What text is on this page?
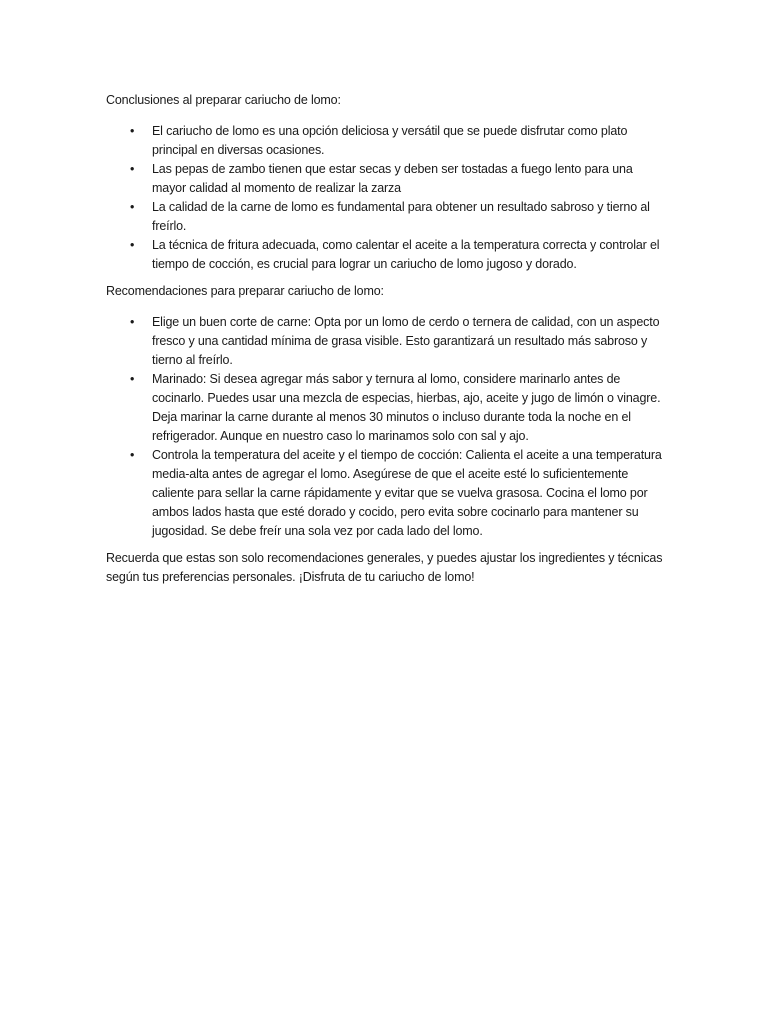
Conclusiones al preparar cariucho de lomo:

• El cariucho de lomo es una opción deliciosa y versátil que se puede disfrutar como plato principal en diversas ocasiones.
• Las pepas de zambo tienen que estar secas y deben ser tostadas a fuego lento para una mayor calidad al momento de realizar la zarza
• La calidad de la carne de lomo es fundamental para obtener un resultado sabroso y tierno al freírlo.
• La técnica de fritura adecuada, como calentar el aceite a la temperatura correcta y controlar el tiempo de cocción, es crucial para lograr un cariucho de lomo jugoso y dorado.

Recomendaciones para preparar cariucho de lomo:

• Elige un buen corte de carne: Opta por un lomo de cerdo o ternera de calidad, con un aspecto fresco y una cantidad mínima de grasa visible. Esto garantizará un resultado más sabroso y tierno al freírlo.
• Marinado: Si desea agregar más sabor y ternura al lomo, considere marinarlo antes de cocinarlo. Puedes usar una mezcla de especias, hierbas, ajo, aceite y jugo de limón o vinagre. Deja marinar la carne durante al menos 30 minutos o incluso durante toda la noche en el refrigerador. Aunque en nuestro caso lo marinamos solo con sal y ajo.
• Controla la temperatura del aceite y el tiempo de cocción: Calienta el aceite a una temperatura media-alta antes de agregar el lomo. Asegúrese de que el aceite esté lo suficientemente caliente para sellar la carne rápidamente y evitar que se vuelva grasosa. Cocina el lomo por ambos lados hasta que esté dorado y cocido, pero evita sobre cocinarlo para mantener su jugosidad. Se debe freír una sola vez por cada lado del lomo.

Recuerda que estas son solo recomendaciones generales, y puedes ajustar los ingredientes y técnicas según tus preferencias personales. ¡Disfruta de tu cariucho de lomo!
